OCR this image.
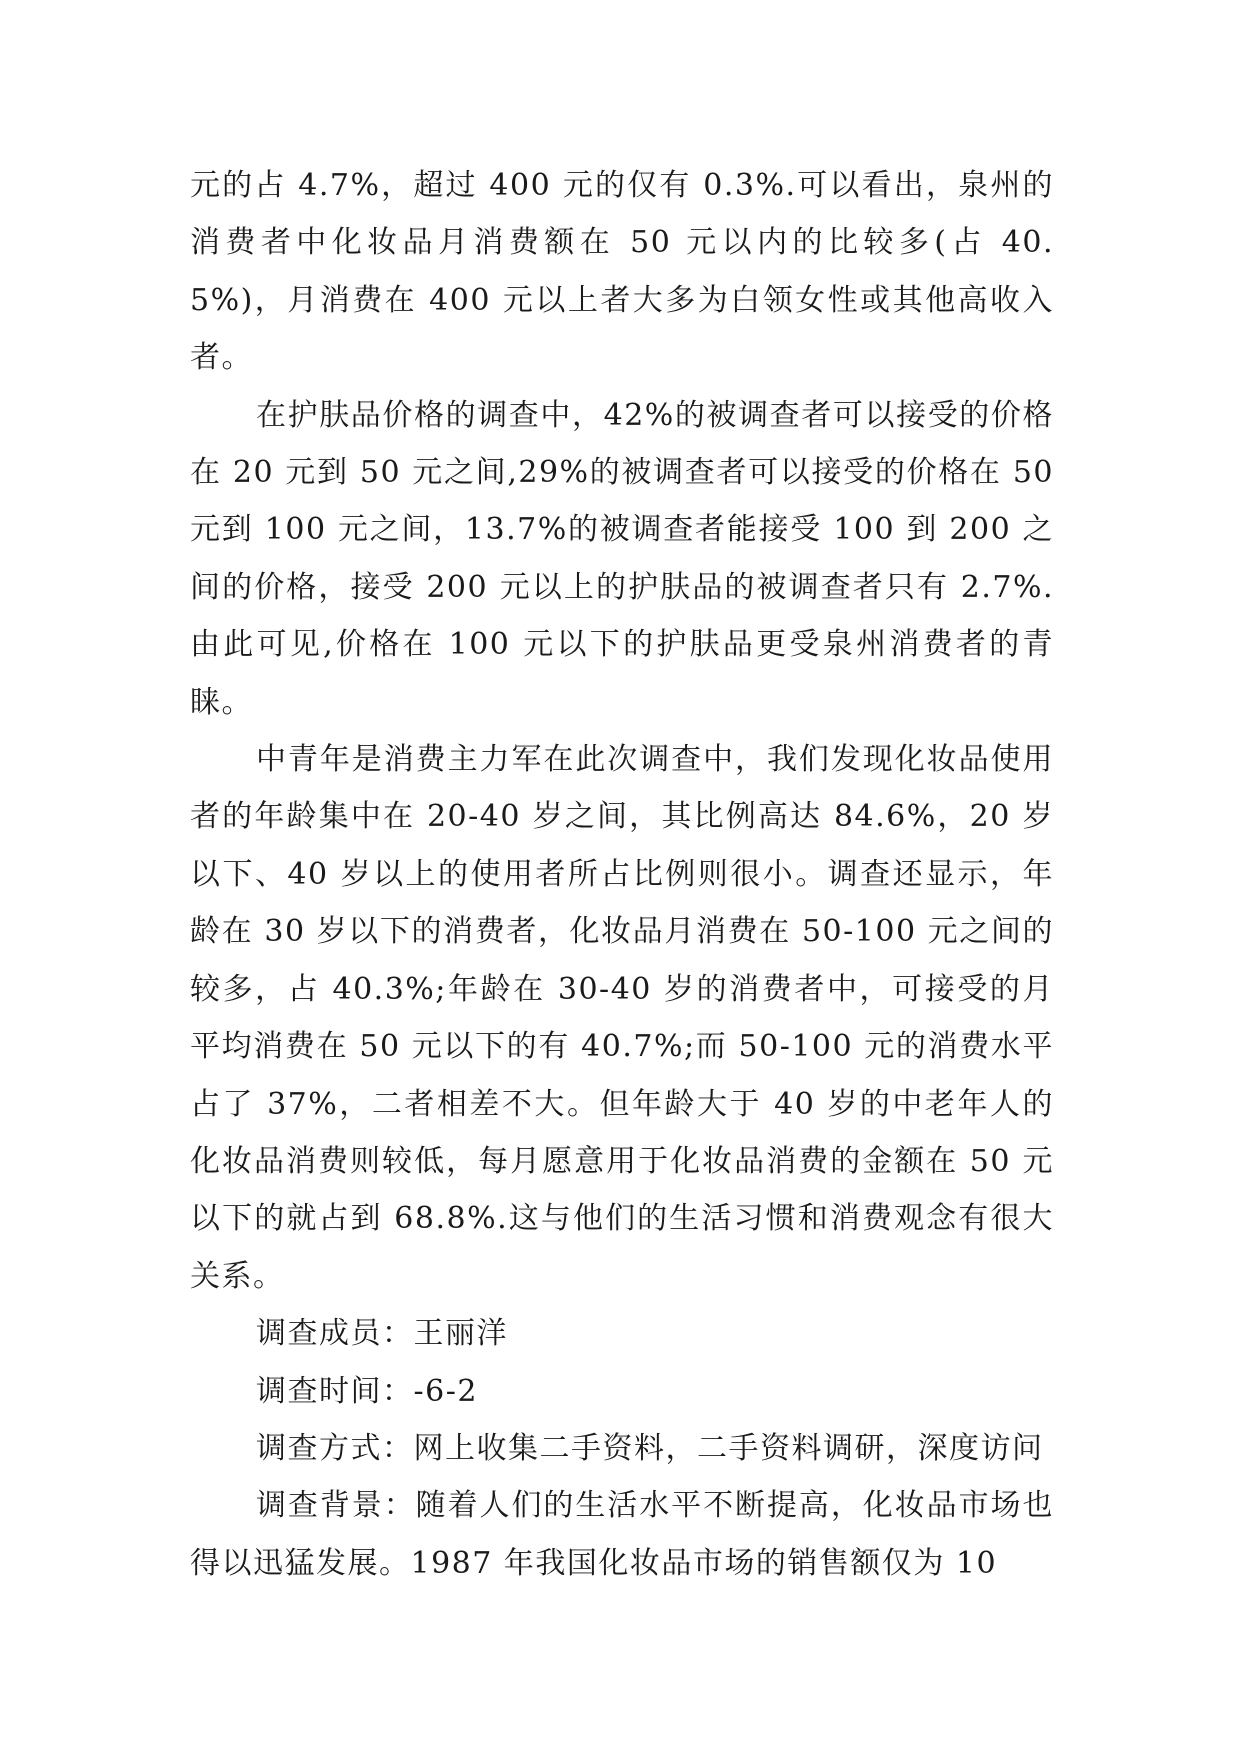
元的占 4.7%，超过 400 元的仅有 0.3%.可以看出，泉州的消费者中化妆品月消费额在 50 元以内的比较多(占 40.5%)，月消费在 400 元以上者大多为白领女性或其他高收入者。

在护肤品价格的调查中，42%的被调查者可以接受的价格在 20 元到 50 元之间,29%的被调查者可以接受的价格在 50 元到 100 元之间，13.7%的被调查者能接受 100 到 200 之间的价格，接受 200 元以上的护肤品的被调查者只有 2.7%.由此可见,价格在 100 元以下的护肤品更受泉州消费者的青睐。

中青年是消费主力军在此次调查中，我们发现化妆品使用者的年龄集中在 20-40 岁之间，其比例高达 84.6%，20 岁以下、40 岁以上的使用者所占比例则很小。调查还显示，年龄在 30 岁以下的消费者，化妆品月消费在 50-100 元之间的较多，占 40.3%;年龄在 30-40 岁的消费者中，可接受的月平均消费在 50 元以下的有 40.7%;而 50-100 元的消费水平占了 37%，二者相差不大。但年龄大于 40 岁的中老年人的化妆品消费则较低，每月愿意用于化妆品消费的金额在 50 元以下的就占到 68.8%.这与他们的生活习惯和消费观念有很大关系。

调查成员：王丽洋

调查时间：-6-2

调查方式：网上收集二手资料，二手资料调研，深度访问

调查背景：随着人们的生活水平不断提高，化妆品市场也得以迅猛发展。1987 年我国化妆品市场的销售额仅为 10
